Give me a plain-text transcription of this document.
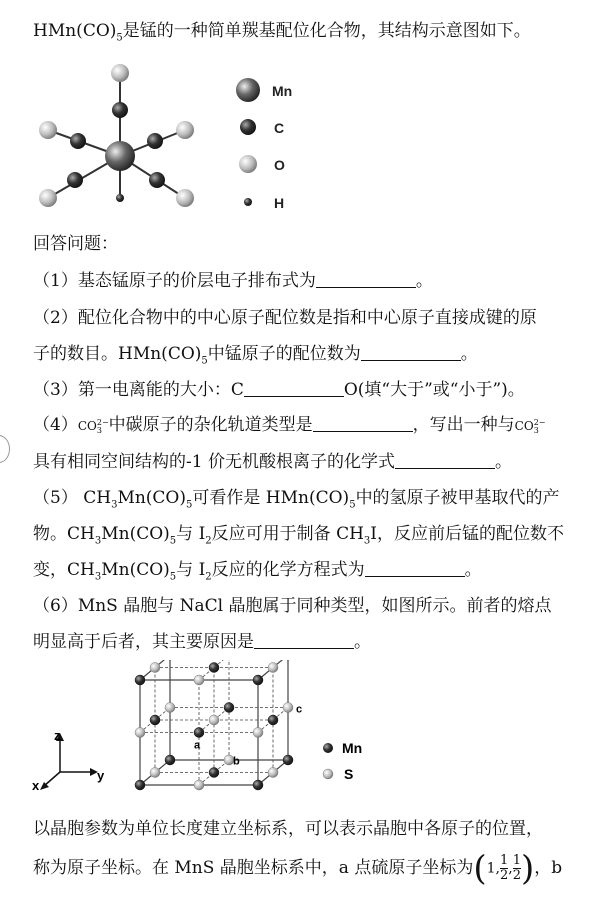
$HMn(CO)_5$是锰的一种简单羰基配位化合物，其结构示意图如下。
Mn
C
O
H
回答问题：
（1）基态锰原子的价层电子排布式为	。
（2）配位化合物中的中心原子配位数是指和中心原子直接成键的原
子的数目。$HMn(CO)_5$中锰原子的配位数为	。
（3）第一电离能的大小：C	O(填“大于”或“小于”)。
（4）CO 2−
3 中碳原子的杂化轨道类型是	，写出一种与CO 2−
3
具有相同空间结构的-1 价无机酸根离子的化学式	。
（5） $CH_3Mn(CO)_5$可看作是 $HMn(CO)_5$中的氢原子被甲基取代的产
物。$CH_3Mn(CO)_5$与 $I_2$反应可用于制备 $CH_3I$，反应前后锰的配位数不
变，$CH_3Mn(CO)_5$与 $I_2$反应的化学方程式为	。
（6）MnS 晶胞与 NaCl 晶胞属于同种类型，如图所示。前者的熔点
明显高于后者，其主要原因是	。
z
y
x
a
b
c
Mn
S
以晶胞参数为单位长度建立坐标系，可以表示晶胞中各原子的位置，
称为原子坐标。在 MnS 晶胞坐标系中，a 点硫原子坐标为(1, $\frac{1}{2}$ , $\frac{1}{2}$ )，b
